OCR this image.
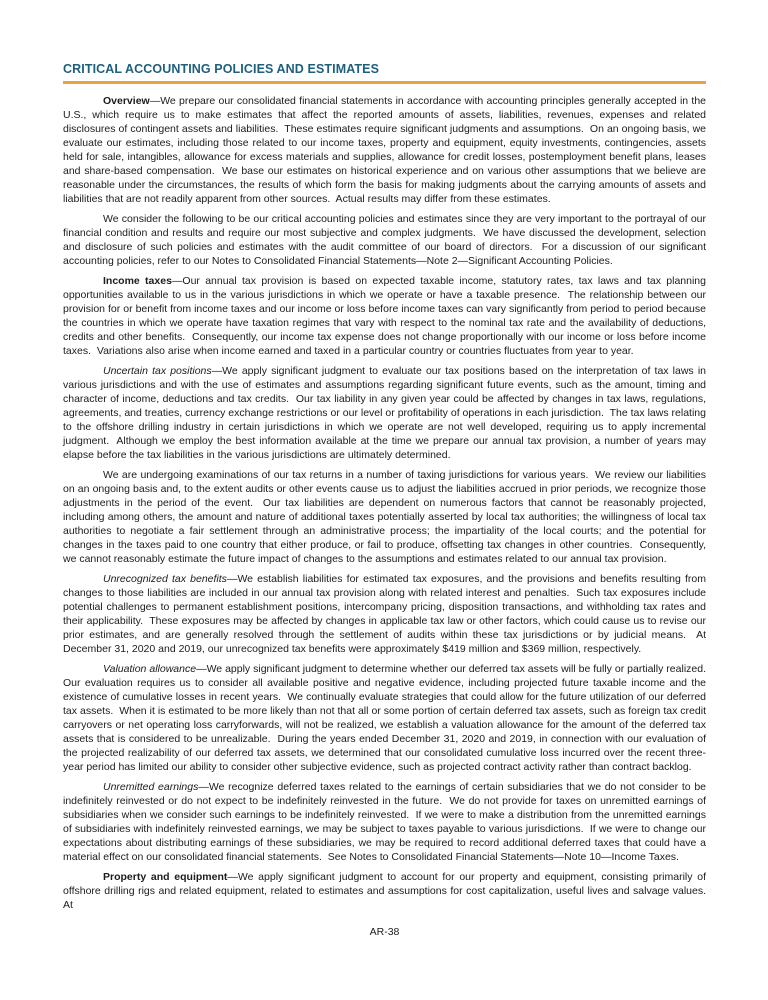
CRITICAL ACCOUNTING POLICIES AND ESTIMATES

Overview—We prepare our consolidated financial statements in accordance with accounting principles generally accepted in the U.S., which require us to make estimates that affect the reported amounts of assets, liabilities, revenues, expenses and related disclosures of contingent assets and liabilities.  These estimates require significant judgments and assumptions.  On an ongoing basis, we evaluate our estimates, including those related to our income taxes, property and equipment, equity investments, contingencies, assets held for sale, intangibles, allowance for excess materials and supplies, allowance for credit losses, postemployment benefit plans, leases and share-based compensation.  We base our estimates on historical experience and on various other assumptions that we believe are reasonable under the circumstances, the results of which form the basis for making judgments about the carrying amounts of assets and liabilities that are not readily apparent from other sources.  Actual results may differ from these estimates.

We consider the following to be our critical accounting policies and estimates since they are very important to the portrayal of our financial condition and results and require our most subjective and complex judgments.  We have discussed the development, selection and disclosure of such policies and estimates with the audit committee of our board of directors.  For a discussion of our significant accounting policies, refer to our Notes to Consolidated Financial Statements—Note 2—Significant Accounting Policies.

Income taxes—Our annual tax provision is based on expected taxable income, statutory rates, tax laws and tax planning opportunities available to us in the various jurisdictions in which we operate or have a taxable presence.  The relationship between our provision for or benefit from income taxes and our income or loss before income taxes can vary significantly from period to period because the countries in which we operate have taxation regimes that vary with respect to the nominal tax rate and the availability of deductions, credits and other benefits.  Consequently, our income tax expense does not change proportionally with our income or loss before income taxes.  Variations also arise when income earned and taxed in a particular country or countries fluctuates from year to year.

Uncertain tax positions—We apply significant judgment to evaluate our tax positions based on the interpretation of tax laws in various jurisdictions and with the use of estimates and assumptions regarding significant future events, such as the amount, timing and character of income, deductions and tax credits.  Our tax liability in any given year could be affected by changes in tax laws, regulations, agreements, and treaties, currency exchange restrictions or our level or profitability of operations in each jurisdiction.  The tax laws relating to the offshore drilling industry in certain jurisdictions in which we operate are not well developed, requiring us to apply incremental judgment.  Although we employ the best information available at the time we prepare our annual tax provision, a number of years may elapse before the tax liabilities in the various jurisdictions are ultimately determined.

We are undergoing examinations of our tax returns in a number of taxing jurisdictions for various years.  We review our liabilities on an ongoing basis and, to the extent audits or other events cause us to adjust the liabilities accrued in prior periods, we recognize those adjustments in the period of the event.  Our tax liabilities are dependent on numerous factors that cannot be reasonably projected, including among others, the amount and nature of additional taxes potentially asserted by local tax authorities; the willingness of local tax authorities to negotiate a fair settlement through an administrative process; the impartiality of the local courts; and the potential for changes in the taxes paid to one country that either produce, or fail to produce, offsetting tax changes in other countries.  Consequently, we cannot reasonably estimate the future impact of changes to the assumptions and estimates related to our annual tax provision.

Unrecognized tax benefits—We establish liabilities for estimated tax exposures, and the provisions and benefits resulting from changes to those liabilities are included in our annual tax provision along with related interest and penalties.  Such tax exposures include potential challenges to permanent establishment positions, intercompany pricing, disposition transactions, and withholding tax rates and their applicability.  These exposures may be affected by changes in applicable tax law or other factors, which could cause us to revise our prior estimates, and are generally resolved through the settlement of audits within these tax jurisdictions or by judicial means.  At December 31, 2020 and 2019, our unrecognized tax benefits were approximately $419 million and $369 million, respectively.

Valuation allowance—We apply significant judgment to determine whether our deferred tax assets will be fully or partially realized.  Our evaluation requires us to consider all available positive and negative evidence, including projected future taxable income and the existence of cumulative losses in recent years.  We continually evaluate strategies that could allow for the future utilization of our deferred tax assets.  When it is estimated to be more likely than not that all or some portion of certain deferred tax assets, such as foreign tax credit carryovers or net operating loss carryforwards, will not be realized, we establish a valuation allowance for the amount of the deferred tax assets that is considered to be unrealizable.  During the years ended December 31, 2020 and 2019, in connection with our evaluation of the projected realizability of our deferred tax assets, we determined that our consolidated cumulative loss incurred over the recent three-year period has limited our ability to consider other subjective evidence, such as projected contract activity rather than contract backlog.

Unremitted earnings—We recognize deferred taxes related to the earnings of certain subsidiaries that we do not consider to be indefinitely reinvested or do not expect to be indefinitely reinvested in the future.  We do not provide for taxes on unremitted earnings of subsidiaries when we consider such earnings to be indefinitely reinvested.  If we were to make a distribution from the unremitted earnings of subsidiaries with indefinitely reinvested earnings, we may be subject to taxes payable to various jurisdictions.  If we were to change our expectations about distributing earnings of these subsidiaries, we may be required to record additional deferred taxes that could have a material effect on our consolidated financial statements.  See Notes to Consolidated Financial Statements—Note 10—Income Taxes.

Property and equipment—We apply significant judgment to account for our property and equipment, consisting primarily of offshore drilling rigs and related equipment, related to estimates and assumptions for cost capitalization, useful lives and salvage values.  At

AR-38
